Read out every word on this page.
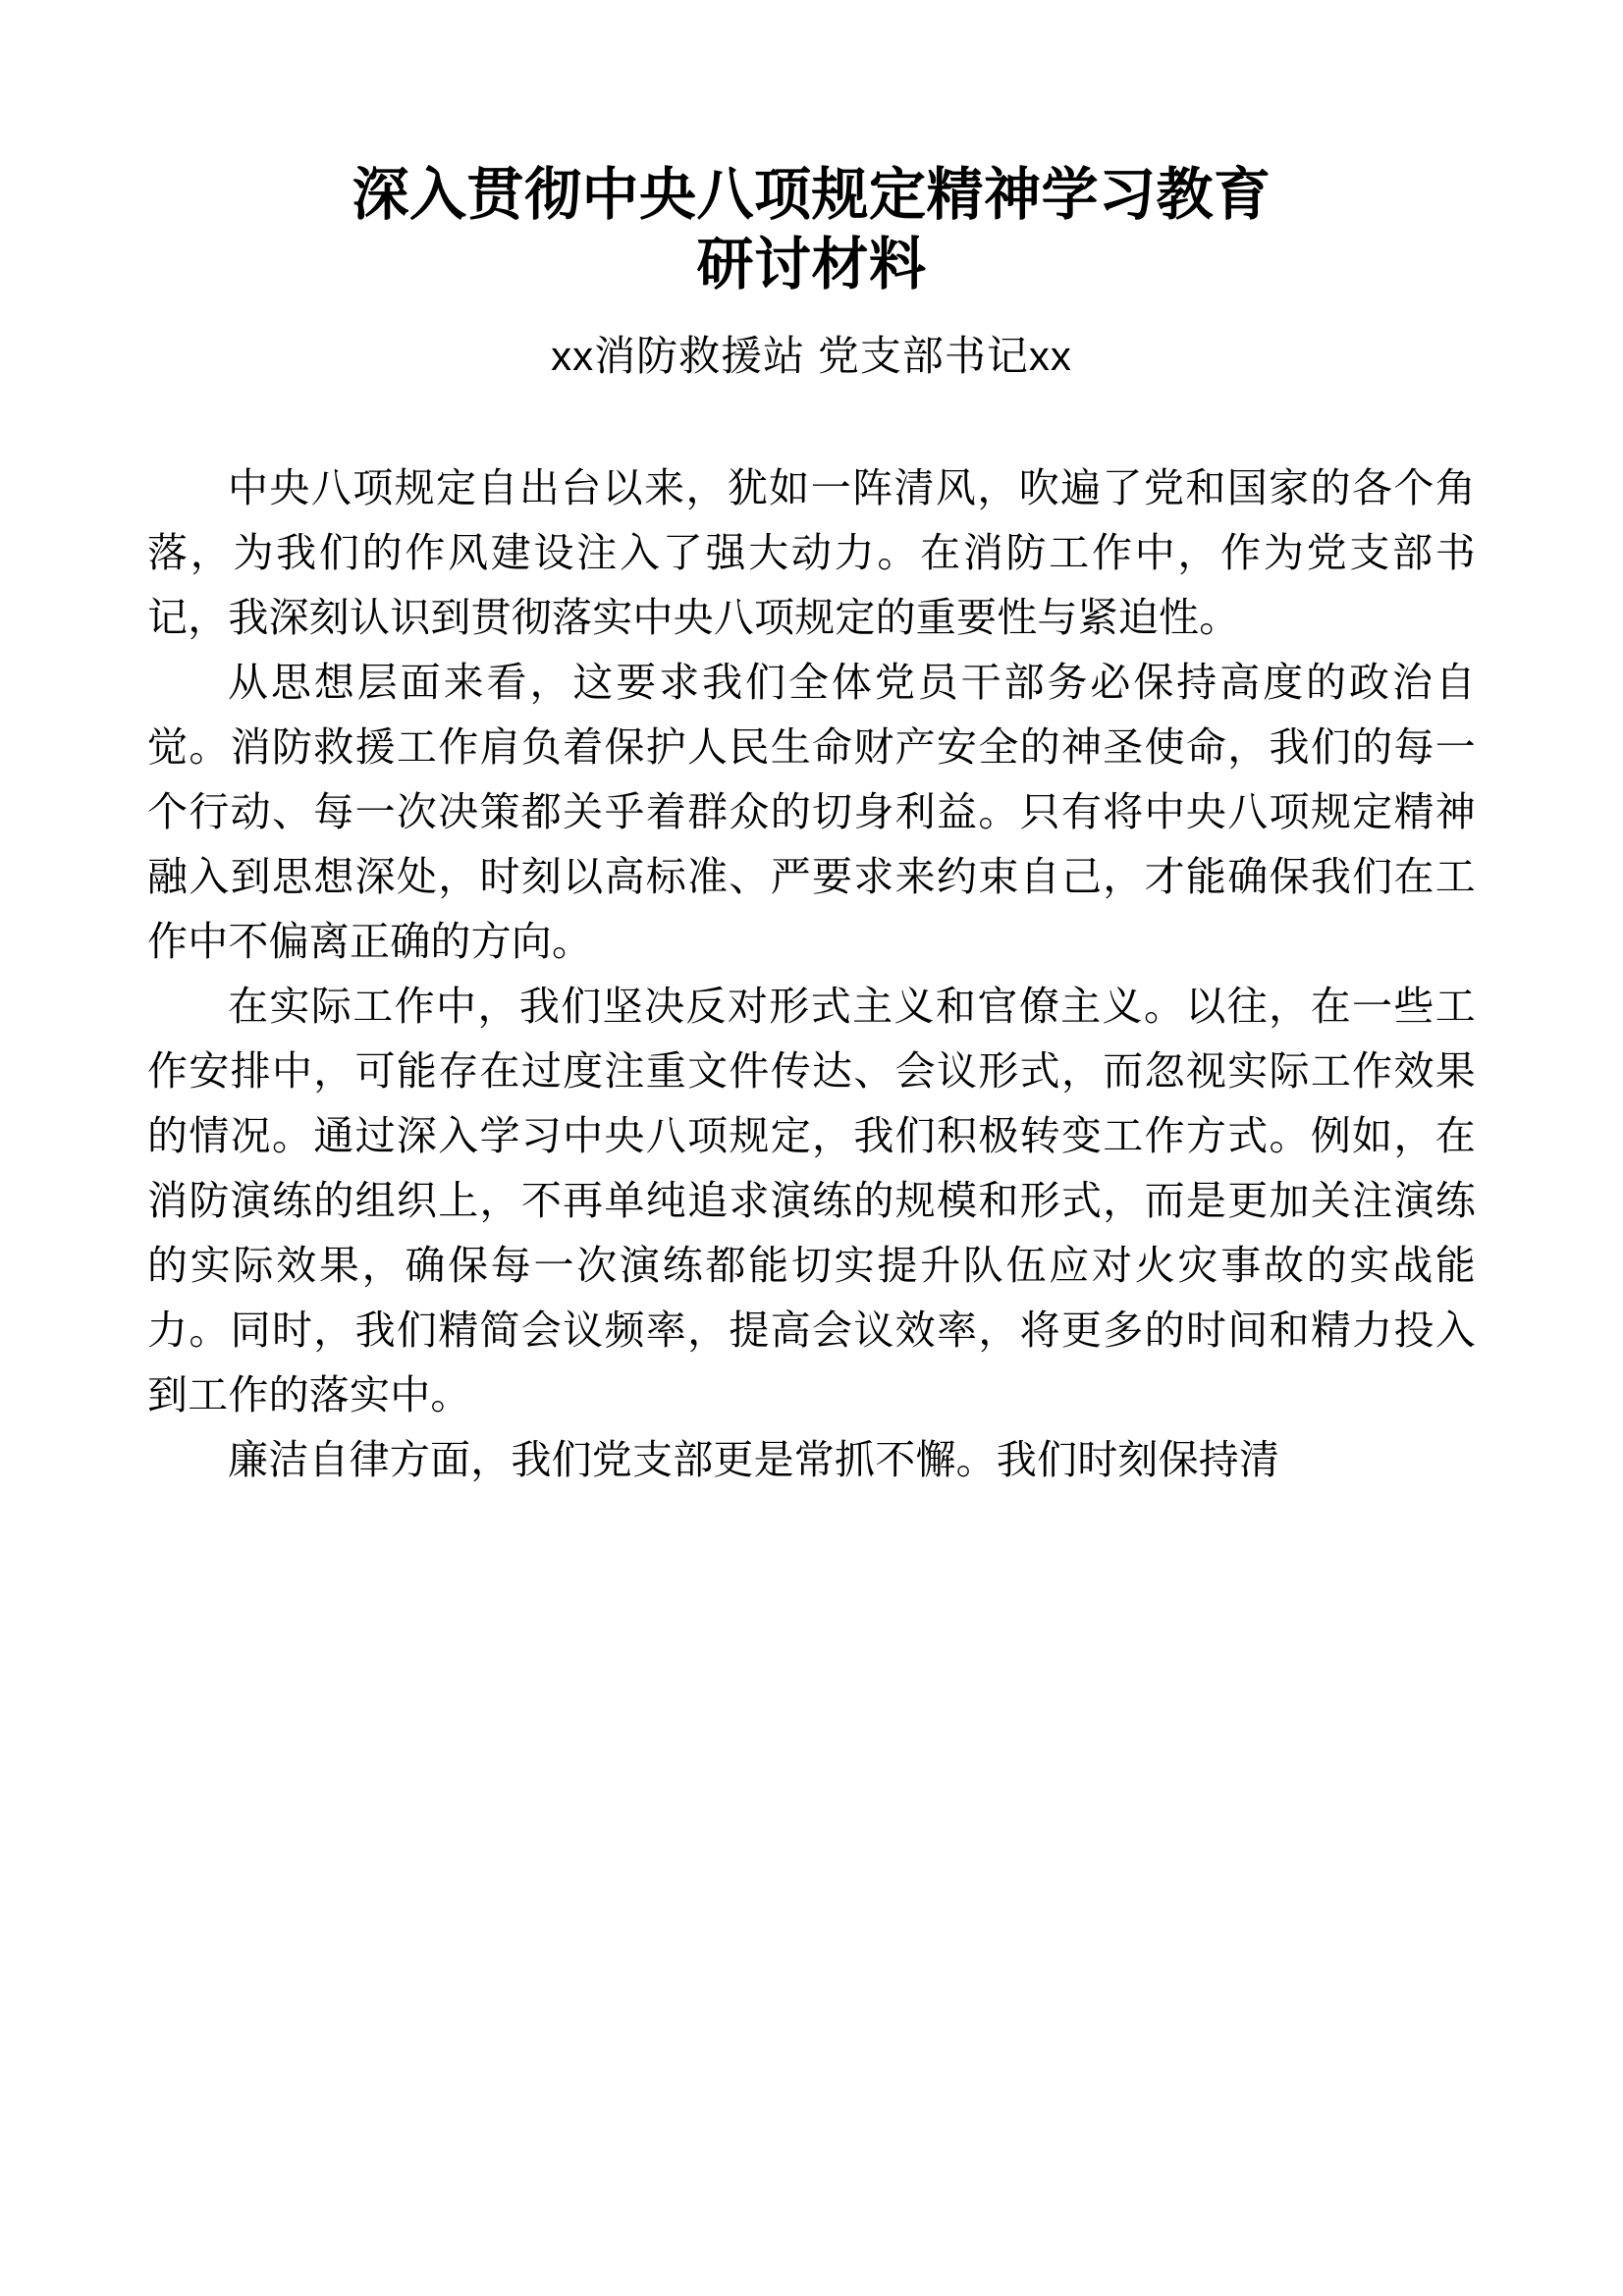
深入贯彻中央八项规定精神学习教育
研讨材料
xx消防救援站 党支部书记xx

中央八项规定自出台以来，犹如一阵清风，吹遍了党和国家的各个角落，为我们的作风建设注入了强大动力。在消防工作中，作为党支部书记，我深刻认识到贯彻落实中央八项规定的重要性与紧迫性。

从思想层面来看，这要求我们全体党员干部务必保持高度的政治自觉。消防救援工作肩负着保护人民生命财产安全的神圣使命，我们的每一个行动、每一次决策都关乎着群众的切身利益。只有将中央八项规定精神融入到思想深处，时刻以高标准、严要求来约束自己，才能确保我们在工作中不偏离正确的方向。

在实际工作中，我们坚决反对形式主义和官僚主义。以往，在一些工作安排中，可能存在过度注重文件传达、会议形式，而忽视实际工作效果的情况。通过深入学习中央八项规定，我们积极转变工作方式。例如，在消防演练的组织上，不再单纯追求演练的规模和形式，而是更加关注演练的实际效果，确保每一次演练都能切实提升队伍应对火灾事故的实战能力。同时，我们精简会议频率，提高会议效率，将更多的时间和精力投入到工作的落实中。

廉洁自律方面，我们党支部更是常抓不懈。我们时刻保持清
